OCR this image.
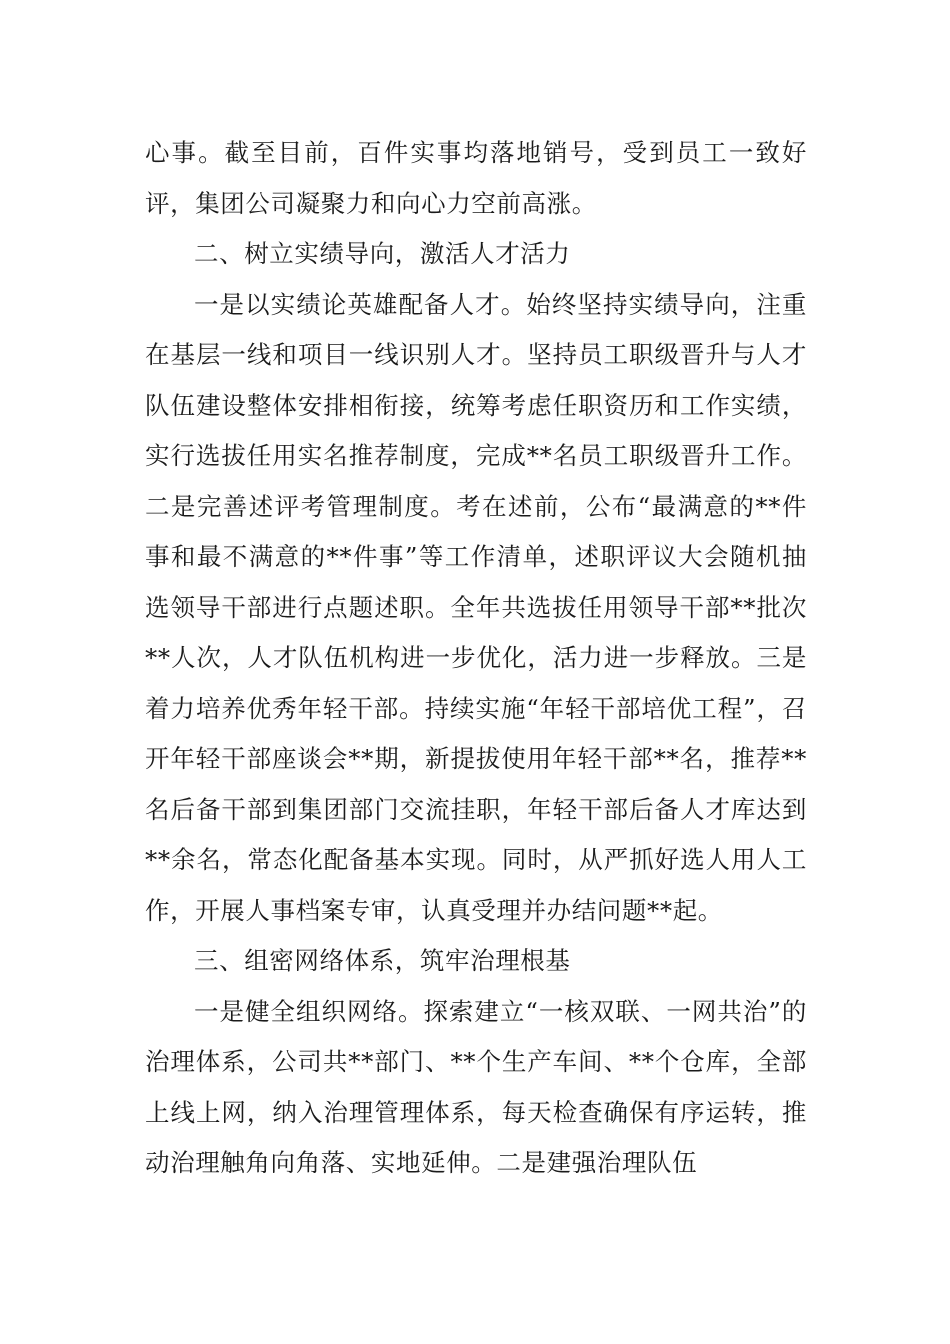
心事。截至目前，百件实事均落地销号，受到员工一致好评，集团公司凝聚力和向心力空前高涨。

二、树立实绩导向，激活人才活力

一是以实绩论英雄配备人才。始终坚持实绩导向，注重在基层一线和项目一线识别人才。坚持员工职级晋升与人才队伍建设整体安排相衔接，统筹考虑任职资历和工作实绩，实行选拔任用实名推荐制度，完成**名员工职级晋升工作。二是完善述评考管理制度。考在述前，公布“最满意的**件事和最不满意的**件事”等工作清单，述职评议大会随机抽选领导干部进行点题述职。全年共选拔任用领导干部**批次**人次，人才队伍机构进一步优化，活力进一步释放。三是着力培养优秀年轻干部。持续实施“年轻干部培优工程”，召开年轻干部座谈会**期，新提拔使用年轻干部**名，推荐**名后备干部到集团部门交流挂职，年轻干部后备人才库达到**余名，常态化配备基本实现。同时，从严抓好选人用人工作，开展人事档案专审，认真受理并办结问题**起。

三、组密网络体系，筑牢治理根基

一是健全组织网络。探索建立“一核双联、一网共治”的治理体系，公司共**部门、**个生产车间、**个仓库，全部上线上网，纳入治理管理体系，每天检查确保有序运转，推动治理触角向角落、实地延伸。二是建强治理队伍
